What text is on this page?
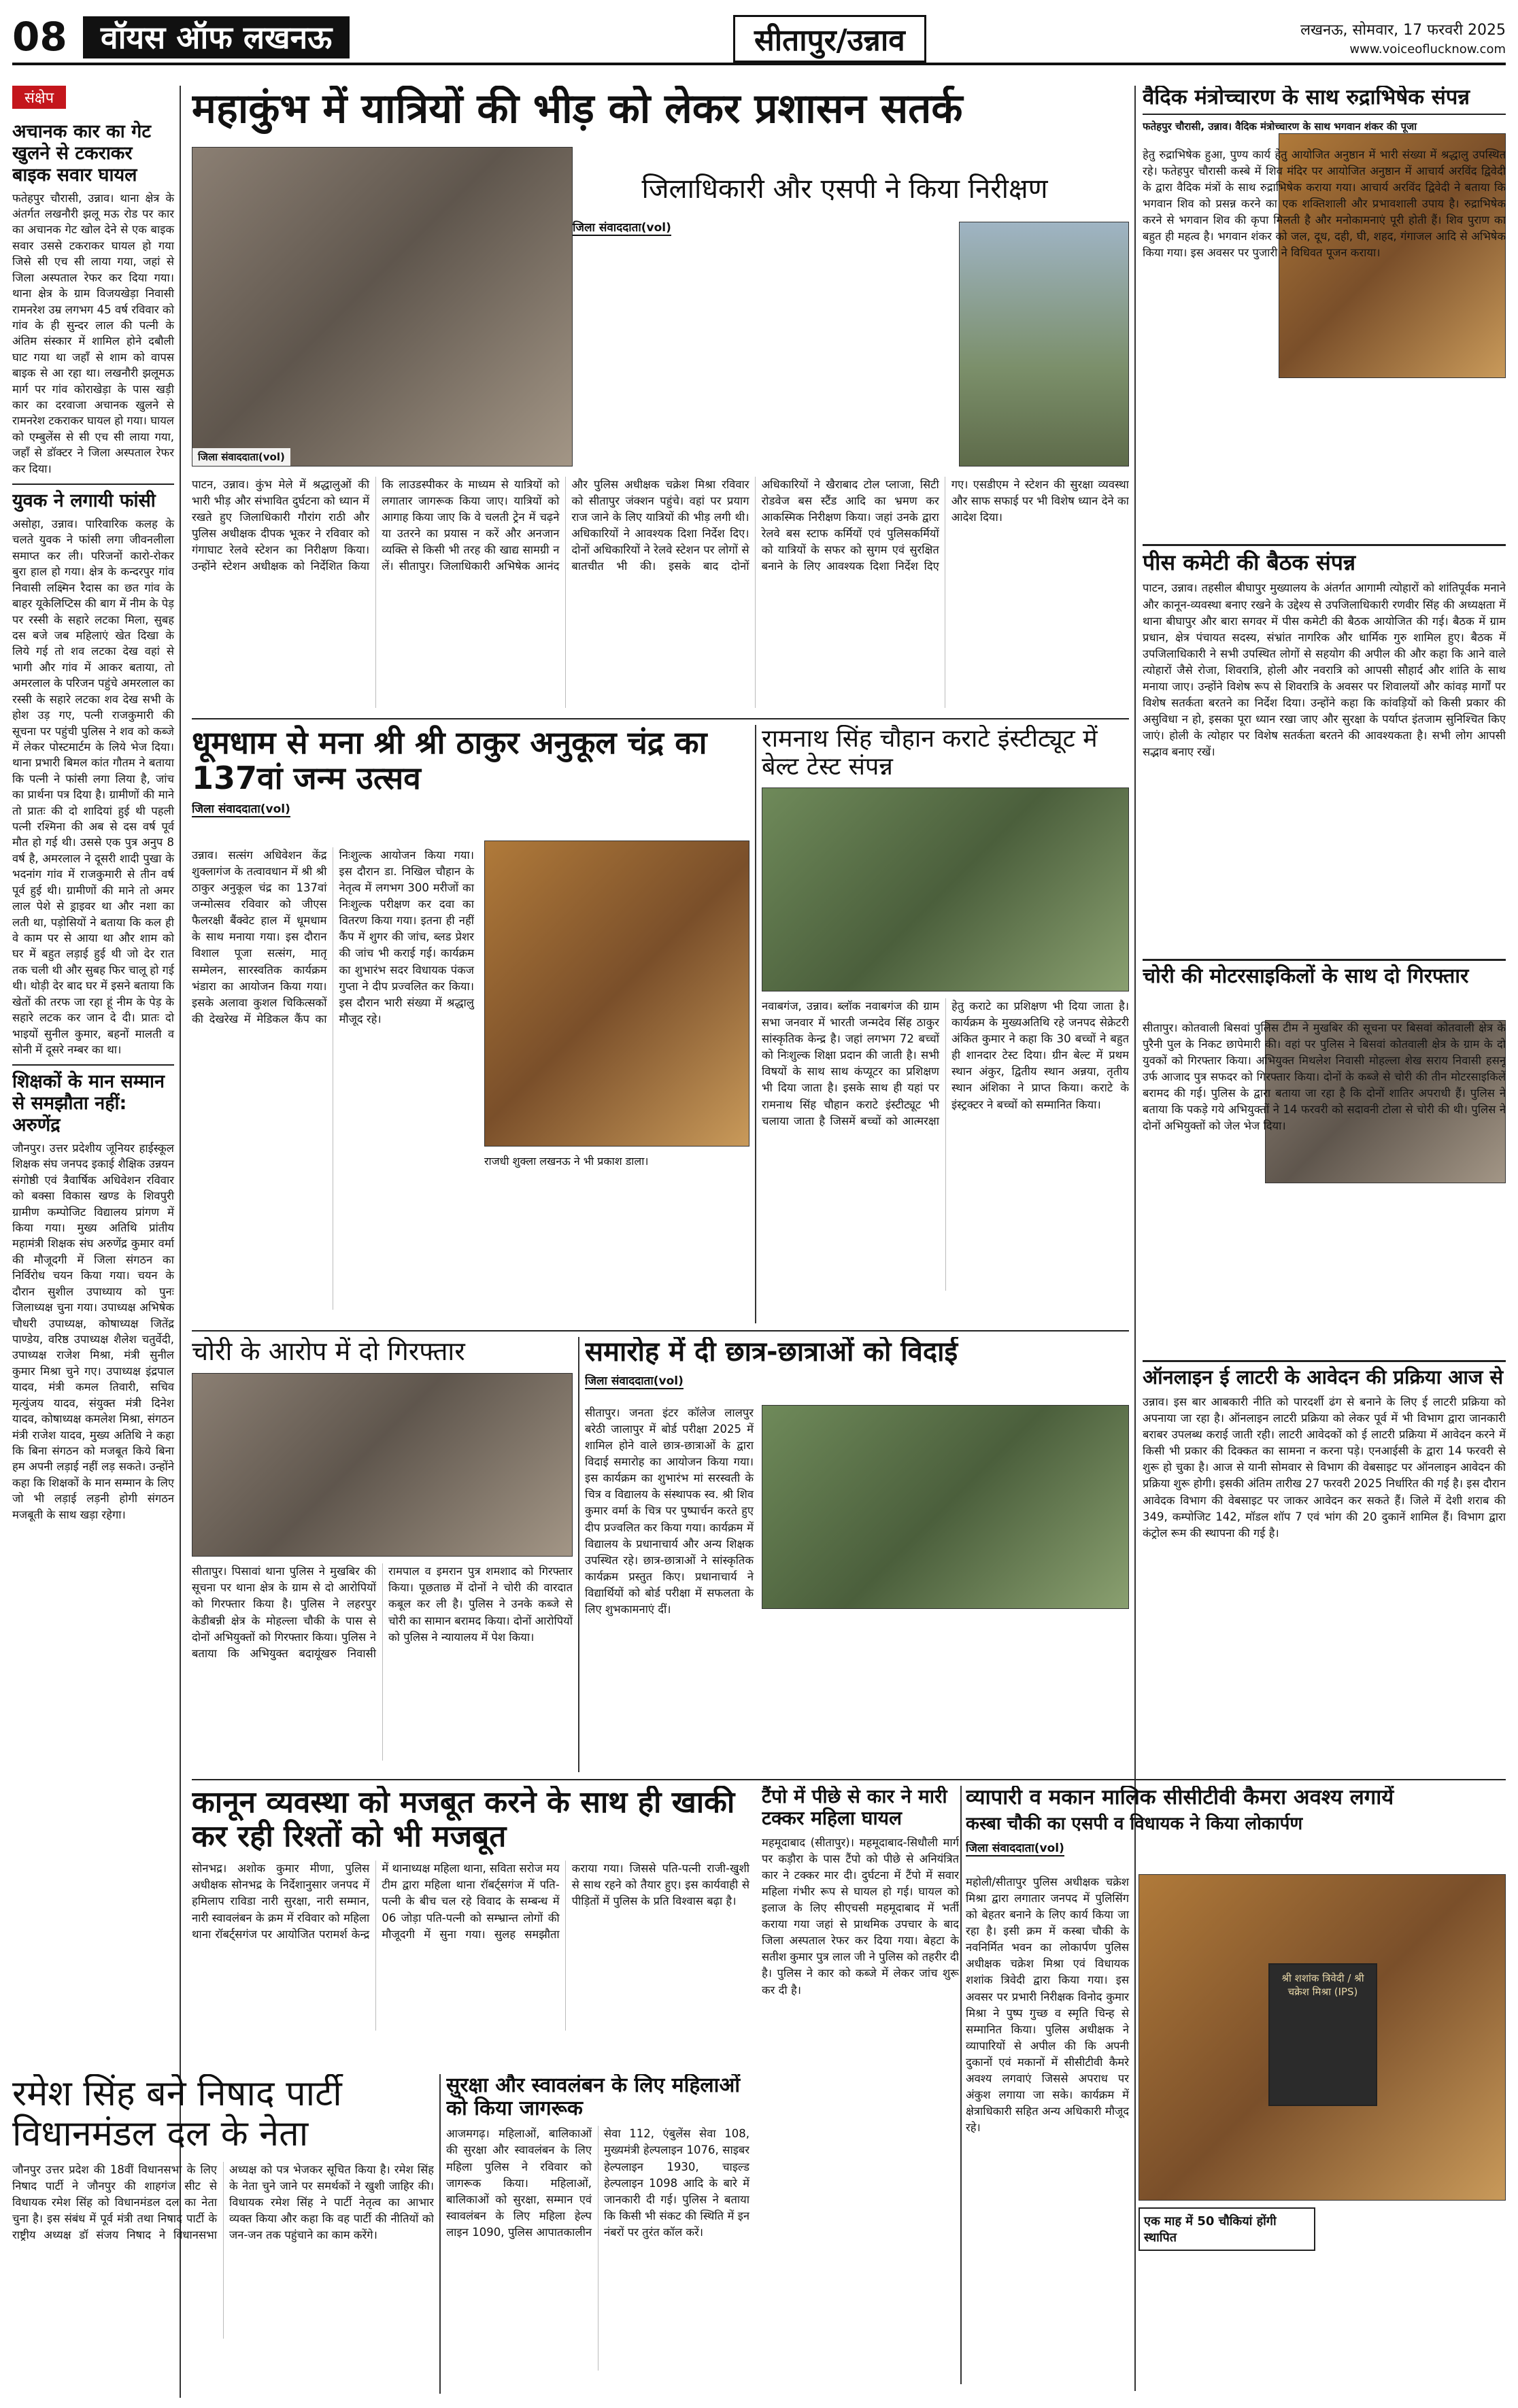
08	वॉयस ऑफ लखनऊ	सीतापुर/उन्नाव	लखनऊ, सोमवार, 17 फरवरी 2025
www.voiceoflucknow.com
संक्षेप
अचानक कार का गेट खुलने से टकराकर बाइक सवार घायल

फतेहपुर चौरासी, उन्नाव। थाना क्षेत्र के अंतर्गत लखनौरी झलू मऊ रोड पर कार का अचानक गेट खोल देने से एक बाइक सवार उससे टकराकर घायल हो गया जिसे सी एच सी लाया गया, जहां से जिला अस्पताल रेफर कर दिया गया। थाना क्षेत्र के ग्राम विजयखेड़ा निवासी रामनरेश उम्र लगभग 45 वर्ष रविवार को गांव के ही सुन्दर लाल की पत्नी के अंतिम संस्कार में शामिल होने दबौली घाट गया था जहाँ से शाम को वापस बाइक से आ रहा था। लखनौरी झलूमऊ मार्ग पर गांव कोराखेड़ा के पास खड़ी कार का दरवाजा अचानक खुलने से रामनरेश टकराकर घायल हो गया। घायल को एम्बुलेंस से सी एच सी लाया गया, जहाँ से डॉक्टर ने जिला अस्पताल रेफर कर दिया।

युवक ने लगायी फांसी

असोहा, उन्नाव। पारिवारिक कलह के चलते युवक ने फांसी लगा जीवनलीला समाप्त कर ली। परिजनों कारो-रोकर बुरा हाल हो गया। क्षेत्र के कन्दरपुर गांव निवासी लक्ष्मिन रैदास का छत गांव के बाहर यूकेलिप्टिस की बाग में नीम के पेड़ पर रस्सी के सहारे लटका मिला, सुबह दस बजे जब महिलाएं खेत दिखा के लिये गई तो शव लटका देख वहां से भागी और गांव में आकर बताया, तो अमरलाल के परिजन पहुंचे अमरलाल का रस्सी के सहारे लटका शव देख सभी के होश उड़ गए, पत्नी राजकुमारी की सूचना पर पहुंची पुलिस ने शव को कब्जे में लेकर पोस्टमार्टम के लिये भेज दिया। थाना प्रभारी बिमल कांत गौतम ने बताया कि पत्नी ने फांसी लगा लिया है, जांच का प्रार्थना पत्र दिया है। ग्रामीणों की माने तो प्रातः की दो शादियां हुई थी पहली पत्नी रश्मिना की अब से दस वर्ष पूर्व मौत हो गई थी। उससे एक पुत्र अनुप 8 वर्ष है, अमरलाल ने दूसरी शादी पुखा के भदनांग गांव में राजकुमारी से तीन वर्ष पूर्व हुई थी। ग्रामीणों की माने तो अमर लाल पेशे से ड्राइवर था और नशा का लती था, पड़ोसियों ने बताया कि कल ही वे काम पर से आया था और शाम को घर में बहुत लड़ाई हुई थी जो देर रात तक चली थी और सुबह फिर चालू हो गई थी। थोड़ी देर बाद घर में इसने बताया कि खेतों की तरफ जा रहा हूं नीम के पेड़ के सहारे लटक कर जान दे दी। प्रातः दो भाइयों सुनील कुमार, बहनों मालती व सोनी में दूसरे नम्बर का था।

शिक्षकों के मान सम्मान से समझौता नहीं: अरुणेंद्र

जौनपुर। उत्तर प्रदेशीय जूनियर हाईस्कूल शिक्षक संघ जनपद इकाई शैक्षिक उन्नयन संगोष्ठी एवं त्रैवार्षिक अधिवेशन रविवार को बक्सा विकास खण्ड के शिवपुरी ग्रामीण कम्पोजिट विद्यालय प्रांगण में किया गया। मुख्य अतिथि प्रांतीय महामंत्री शिक्षक संघ अरुणेंद्र कुमार वर्मा की मौजूदगी में जिला संगठन का निर्विरोध चयन किया गया। चयन के दौरान सुशील उपाध्याय को पुनः जिलाध्यक्ष चुना गया। उपाध्यक्ष अभिषेक चौधरी उपाध्यक्ष, कोषाध्यक्ष जितेंद्र पाण्डेय, वरिष्ठ उपाध्यक्ष शैलेश चतुर्वेदी, उपाध्यक्ष राजेश मिश्रा, मंत्री सुनील कुमार मिश्रा चुने गए। उपाध्यक्ष इंद्रपाल यादव, मंत्री कमल तिवारी, सचिव मृत्युंजय यादव, संयुक्त मंत्री दिनेश यादव, कोषाध्यक्ष कमलेश मिश्रा, संगठन मंत्री राजेश यादव, मुख्य अतिथि ने कहा कि बिना संगठन को मजबूत किये बिना हम अपनी लड़ाई नहीं लड़ सकते। उन्होंने कहा कि शिक्षकों के मान सम्मान के लिए जो भी लड़ाई लड़नी होगी संगठन मजबूती के साथ खड़ा रहेगा।

महाकुंभ में यात्रियों की भीड़ को लेकर प्रशासन सतर्क
जिला संवाददाता(vol)
जिलाधिकारी और एसपी ने किया निरीक्षण
जिला संवाददाता(vol)
पाटन, उन्नाव। कुंभ मेले में श्रद्धालुओं की भारी भीड़ और संभावित दुर्घटना को ध्यान में रखते हुए जिलाधिकारी गौरांग राठी और पुलिस अधीक्षक दीपक भूकर ने रविवार को गंगाघाट रेलवे स्टेशन का निरीक्षण किया। उन्होंने स्टेशन अधीक्षक को निर्देशित किया कि लाउडस्पीकर के माध्यम से यात्रियों को लगातार जागरूक किया जाए। यात्रियों को आगाह किया जाए कि वे चलती ट्रेन में चढ़ने या उतरने का प्रयास न करें और अनजान व्यक्ति से किसी भी तरह की खाद्य सामग्री न लें। सीतापुर। जिलाधिकारी अभिषेक आनंद और पुलिस अधीक्षक चक्रेश मिश्रा रविवार को सीतापुर जंक्शन पहुंचे। वहां पर प्रयाग राज जाने के लिए यात्रियों की भीड़ लगी थी। अधिकारियों ने आवश्यक दिशा निर्देश दिए। दोनों अधिकारियों ने रेलवे स्टेशन पर लोगों से बातचीत भी की। इसके बाद दोनों अधिकारियों ने खैराबाद टोल प्लाजा, सिटी रोडवेज बस स्टैंड आदि का भ्रमण कर आकस्मिक निरीक्षण किया। जहां उनके द्वारा रेलवे बस स्टाफ कर्मियों एवं पुलिसकर्मियों को यात्रियों के सफर को सुगम एवं सुरक्षित बनाने के लिए आवश्यक दिशा निर्देश दिए गए। एसडीएम ने स्टेशन की सुरक्षा व्यवस्था और साफ सफाई पर भी विशेष ध्यान देने का आदेश दिया।
वैदिक मंत्रोच्चारण के साथ रुद्राभिषेक संपन्न
फतेहपुर चौरासी, उन्नाव। वैदिक मंत्रोच्चारण के साथ भगवान शंकर की पूजा
हेतु रुद्राभिषेक हुआ, पुण्य कार्य हेतु आयोजित अनुष्ठान में भारी संख्या में श्रद्धालु उपस्थित रहे। फतेहपुर चौरासी कस्बे में शिव मंदिर पर आयोजित अनुष्ठान में आचार्य अरविंद द्विवेदी के द्वारा वैदिक मंत्रों के साथ रुद्राभिषेक कराया गया। आचार्य अरविंद द्विवेदी ने बताया कि भगवान शिव को प्रसन्न करने का एक शक्तिशाली और प्रभावशाली उपाय है। रुद्राभिषेक करने से भगवान शिव की कृपा मिलती है और मनोकामनाएं पूरी होती हैं। शिव पुराण का बहुत ही महत्व है। भगवान शंकर को जल, दूध, दही, घी, शहद, गंगाजल आदि से अभिषेक किया गया। इस अवसर पर पुजारी ने विधिवत पूजन कराया।
पीस कमेटी की बैठक संपन्न
पाटन, उन्नाव। तहसील बीघापुर मुख्यालय के अंतर्गत आगामी त्योहारों को शांतिपूर्वक मनाने और कानून-व्यवस्था बनाए रखने के उद्देश्य से उपजिलाधिकारी रणवीर सिंह की अध्यक्षता में थाना बीघापुर और बारा सगवर में पीस कमेटी की बैठक आयोजित की गई। बैठक में ग्राम प्रधान, क्षेत्र पंचायत सदस्य, संभ्रांत नागरिक और धार्मिक गुरु शामिल हुए। बैठक में उपजिलाधिकारी ने सभी उपस्थित लोगों से सहयोग की अपील की और कहा कि आने वाले त्योहारों जैसे रोजा, शिवरात्रि, होली और नवरात्रि को आपसी सौहार्द और शांति के साथ मनाया जाए। उन्होंने विशेष रूप से शिवरात्रि के अवसर पर शिवालयों और कांवड़ मार्गों पर विशेष सतर्कता बरतने का निर्देश दिया। उन्होंने कहा कि कांवड़ियों को किसी प्रकार की असुविधा न हो, इसका पूरा ध्यान रखा जाए और सुरक्षा के पर्याप्त इंतजाम सुनिश्चित किए जाएं। होली के त्योहार पर विशेष सतर्कता बरतने की आवश्यकता है। सभी लोग आपसी सद्भाव बनाए रखें।
धूमधाम से मना श्री श्री ठाकुर अनुकूल चंद्र का 137वां जन्म उत्सव
जिला संवाददाता(vol)
उन्नाव। सत्संग अधिवेशन केंद्र शुक्लागंज के तत्वावधान में श्री श्री ठाकुर अनुकूल चंद्र का 137वां जन्मोत्सव रविवार को जीएस फैलरक्षी बैंक्वेट हाल में धूमधाम के साथ मनाया गया। इस दौरान विशाल पूजा सत्संग, मातृ सम्मेलन, सारस्वतिक कार्यक्रम भंडारा का आयोजन किया गया। इसके अलावा कुशल चिकित्सकों की देखरेख में मेडिकल कैंप का निःशुल्क आयोजन किया गया। इस दौरान डा. निखिल चौहान के नेतृत्व में लगभग 300 मरीजों का निःशुल्क परीक्षण कर दवा का वितरण किया गया। इतना ही नहीं कैंप में शुगर की जांच, ब्लड प्रेशर की जांच भी कराई गई। कार्यक्रम का शुभारंभ सदर विधायक पंकज गुप्ता ने दीप प्रज्वलित कर किया। इस दौरान भारी संख्या में श्रद्धालु मौजूद रहे।
राजधी शुक्ला लखनऊ ने भी प्रकाश डाला।
रामनाथ सिंह चौहान कराटे इंस्टीट्यूट में बेल्ट टेस्ट संपन्न
नवाबगंज, उन्नाव। ब्लॉक नवाबगंज की ग्राम सभा जनवार में भारती जन्मदेव सिंह ठाकुर सांस्कृतिक केन्द्र है। जहां लगभग 72 बच्चों को निःशुल्क शिक्षा प्रदान की जाती है। सभी विषयों के साथ साथ कंप्यूटर का प्रशिक्षण भी दिया जाता है। इसके साथ ही यहां पर रामनाथ सिंह चौहान कराटे इंस्टीट्यूट भी चलाया जाता है जिसमें बच्चों को आत्मरक्षा हेतु कराटे का प्रशिक्षण भी दिया जाता है। कार्यक्रम के मुख्यअतिथि रहे जनपद सेक्रेटरी अंकित कुमार ने कहा कि 30 बच्चों ने बहुत ही शानदार टेस्ट दिया। ग्रीन बेल्ट में प्रथम स्थान अंकुर, द्वितीय स्थान अन्नया, तृतीय स्थान अंशिका ने प्राप्त किया। कराटे के इंस्ट्रक्टर ने बच्चों को सम्मानित किया।
चोरी की मोटरसाइकिलों के साथ दो गिरफ्तार
सीतापुर। कोतवाली बिसवां पुलिस टीम ने मुखबिर की सूचना पर बिसवां कोतवाली क्षेत्र के पुरैनी पुल के निकट छापेमारी की। वहां पर पुलिस ने बिसवां कोतवाली क्षेत्र के ग्राम के दो युवकों को गिरफ्तार किया। अभियुक्त मिथलेश निवासी मोहल्ला शेख सराय निवासी हसनू उर्फ आजाद पुत्र सफदर को गिरफ्तार किया। दोनों के कब्जे से चोरी की तीन मोटरसाइकिलें बरामद की गई। पुलिस के द्वारा बताया जा रहा है कि दोनों शातिर अपराधी हैं। पुलिस ने बताया कि पकड़े गये अभियुक्तों ने 14 फरवरी को सदावनी टोला से चोरी की थी। पुलिस ने दोनों अभियुक्तों को जेल भेज दिया।
चोरी के आरोप में दो गिरफ्तार
सीतापुर। पिसावां थाना पुलिस ने मुखबिर की सूचना पर थाना क्षेत्र के ग्राम से दो आरोपियों को गिरफ्तार किया है। पुलिस ने लहरपुर केडीबन्नी क्षेत्र के मोहल्ला चौकी के पास से दोनों अभियुक्तों को गिरफ्तार किया। पुलिस ने बताया कि अभियुक्त बदायूंखरु निवासी रामपाल व इमरान पुत्र शमशाद को गिरफ्तार किया। पूछताछ में दोनों ने चोरी की वारदात कबूल कर ली है। पुलिस ने उनके कब्जे से चोरी का सामान बरामद किया। दोनों आरोपियों को पुलिस ने न्यायालय में पेश किया।
समारोह में दी छात्र-छात्राओं को विदाई
जिला संवाददाता(vol)
सीतापुर। जनता इंटर कॉलेज लालपुर बरेठी जालापुर में बोर्ड परीक्षा 2025 में शामिल होने वाले छात्र-छात्राओं के द्वारा विदाई समारोह का आयोजन किया गया। इस कार्यक्रम का शुभारंभ मां सरस्वती के चित्र व विद्यालय के संस्थापक स्व. श्री शिव कुमार वर्मा के चित्र पर पुष्पार्चन करते हुए दीप प्रज्वलित कर किया गया। कार्यक्रम में विद्यालय के प्रधानाचार्य और अन्य शिक्षक उपस्थित रहे। छात्र-छात्राओं ने सांस्कृतिक कार्यक्रम प्रस्तुत किए। प्रधानाचार्य ने विद्यार्थियों को बोर्ड परीक्षा में सफलता के लिए शुभकामनाएं दीं।
ऑनलाइन ई लाटरी के आवेदन की प्रक्रिया आज से
उन्नाव। इस बार आबकारी नीति को पारदर्शी ढंग से बनाने के लिए ई लाटरी प्रक्रिया को अपनाया जा रहा है। ऑनलाइन लाटरी प्रक्रिया को लेकर पूर्व में भी विभाग द्वारा जानकारी बराबर उपलब्ध कराई जाती रही। लाटरी आवेदकों को ई लाटरी प्रक्रिया में आवेदन करने में किसी भी प्रकार की दिक्कत का सामना न करना पड़े। एनआईसी के द्वारा 14 फरवरी से शुरू हो चुका है। आज से यानी सोमवार से विभाग की वेबसाइट पर ऑनलाइन आवेदन की प्रक्रिया शुरू होगी। इसकी अंतिम तारीख 27 फरवरी 2025 निर्धारित की गई है। इस दौरान आवेदक विभाग की वेबसाइट पर जाकर आवेदन कर सकते हैं। जिले में देशी शराब की 349, कम्पोजिट 142, मॉडल शॉप 7 एवं भांग की 20 दुकानें शामिल हैं। विभाग द्वारा कंट्रोल रूम की स्थापना की गई है।
कानून व्यवस्था को मजबूत करने के साथ ही खाकी कर रही रिश्तों को भी मजबूत
सोनभद्र। अशोक कुमार मीणा, पुलिस अधीक्षक सोनभद्र के निर्देशानुसार जनपद में हमिलाप राविडा नारी सुरक्षा, नारी सम्मान, नारी स्वावलंबन के क्रम में रविवार को महिला थाना रॉबर्ट्सगंज पर आयोजित परामर्श केन्द्र में थानाध्यक्ष महिला थाना, सविता सरोज मय टीम द्वारा महिला थाना रॉबर्ट्सगंज में पति-पत्नी के बीच चल रहे विवाद के सम्बन्ध में 06 जोड़ा पति-पत्नी को सम्भ्रान्त लोगों की मौजूदगी में सुना गया। सुलह समझौता कराया गया। जिससे पति-पत्नी राजी-खुशी से साथ रहने को तैयार हुए। इस कार्यवाही से पीड़ितों में पुलिस के प्रति विश्वास बढ़ा है।
टैंपो में पीछे से कार ने मारी टक्कर महिला घायल
महमूदाबाद (सीतापुर)। महमूदाबाद-सिधौली मार्ग पर कड़ौरा के पास टैंपो को पीछे से अनियंत्रित कार ने टक्कर मार दी। दुर्घटना में टैंपो में सवार महिला गंभीर रूप से घायल हो गई। घायल को इलाज के लिए सीएचसी महमूदाबाद में भर्ती कराया गया जहां से प्राथमिक उपचार के बाद जिला अस्पताल रेफर कर दिया गया। बेहटा के सतीश कुमार पुत्र लाल जी ने पुलिस को तहरीर दी है। पुलिस ने कार को कब्जे में लेकर जांच शुरू कर दी है।
व्यापारी व मकान मालिक सीसीटीवी कैमरा अवश्य लगायें
कस्बा चौकी का एसपी व विधायक ने किया लोकार्पण
जिला संवाददाता(vol)
महोली/सीतापुर पुलिस अधीक्षक चक्रेश मिश्रा द्वारा लगातार जनपद में पुलिसिंग को बेहतर बनाने के लिए कार्य किया जा रहा है। इसी क्रम में कस्बा चौकी के नवनिर्मित भवन का लोकार्पण पुलिस अधीक्षक चक्रेश मिश्रा एवं विधायक शशांक त्रिवेदी द्वारा किया गया। इस अवसर पर प्रभारी निरीक्षक विनोद कुमार मिश्रा ने पुष्प गुच्छ व स्मृति चिन्ह से सम्मानित किया। पुलिस अधीक्षक ने व्यापारियों से अपील की कि अपनी दुकानों एवं मकानों में सीसीटीवी कैमरे अवश्य लगवाएं जिससे अपराध पर अंकुश लगाया जा सके। कार्यक्रम में क्षेत्राधिकारी सहित अन्य अधिकारी मौजूद रहे।
श्री शशांक त्रिवेदी / श्री चक्रेश मिश्रा (IPS)
एक माह में 50 चौकियां होंगी स्थापित
रमेश सिंह बने निषाद पार्टी विधानमंडल दल के नेता
जौनपुर उत्तर प्रदेश की 18वीं विधानसभा के लिए निषाद पार्टी ने जौनपुर की शाहगंज सीट से विधायक रमेश सिंह को विधानमंडल दल का नेता चुना है। इस संबंध में पूर्व मंत्री तथा निषाद पार्टी के राष्ट्रीय अध्यक्ष डॉ संजय निषाद ने विधानसभा अध्यक्ष को पत्र भेजकर सूचित किया है। रमेश सिंह के नेता चुने जाने पर समर्थकों ने खुशी जाहिर की। विधायक रमेश सिंह ने पार्टी नेतृत्व का आभार व्यक्त किया और कहा कि वह पार्टी की नीतियों को जन-जन तक पहुंचाने का काम करेंगे।
सुरक्षा और स्वावलंबन के लिए महिलाओं को किया जागरूक
आजमगढ़। महिलाओं, बालिकाओं की सुरक्षा और स्वावलंबन के लिए महिला पुलिस ने रविवार को जागरूक किया। महिलाओं, बालिकाओं को सुरक्षा, सम्मान एवं स्वावलंबन के लिए महिला हेल्प लाइन 1090, पुलिस आपातकालीन सेवा 112, एंबुलेंस सेवा 108, मुख्यमंत्री हेल्पलाइन 1076, साइबर हेल्पलाइन 1930, चाइल्ड हेल्पलाइन 1098 आदि के बारे में जानकारी दी गई। पुलिस ने बताया कि किसी भी संकट की स्थिति में इन नंबरों पर तुरंत कॉल करें।
